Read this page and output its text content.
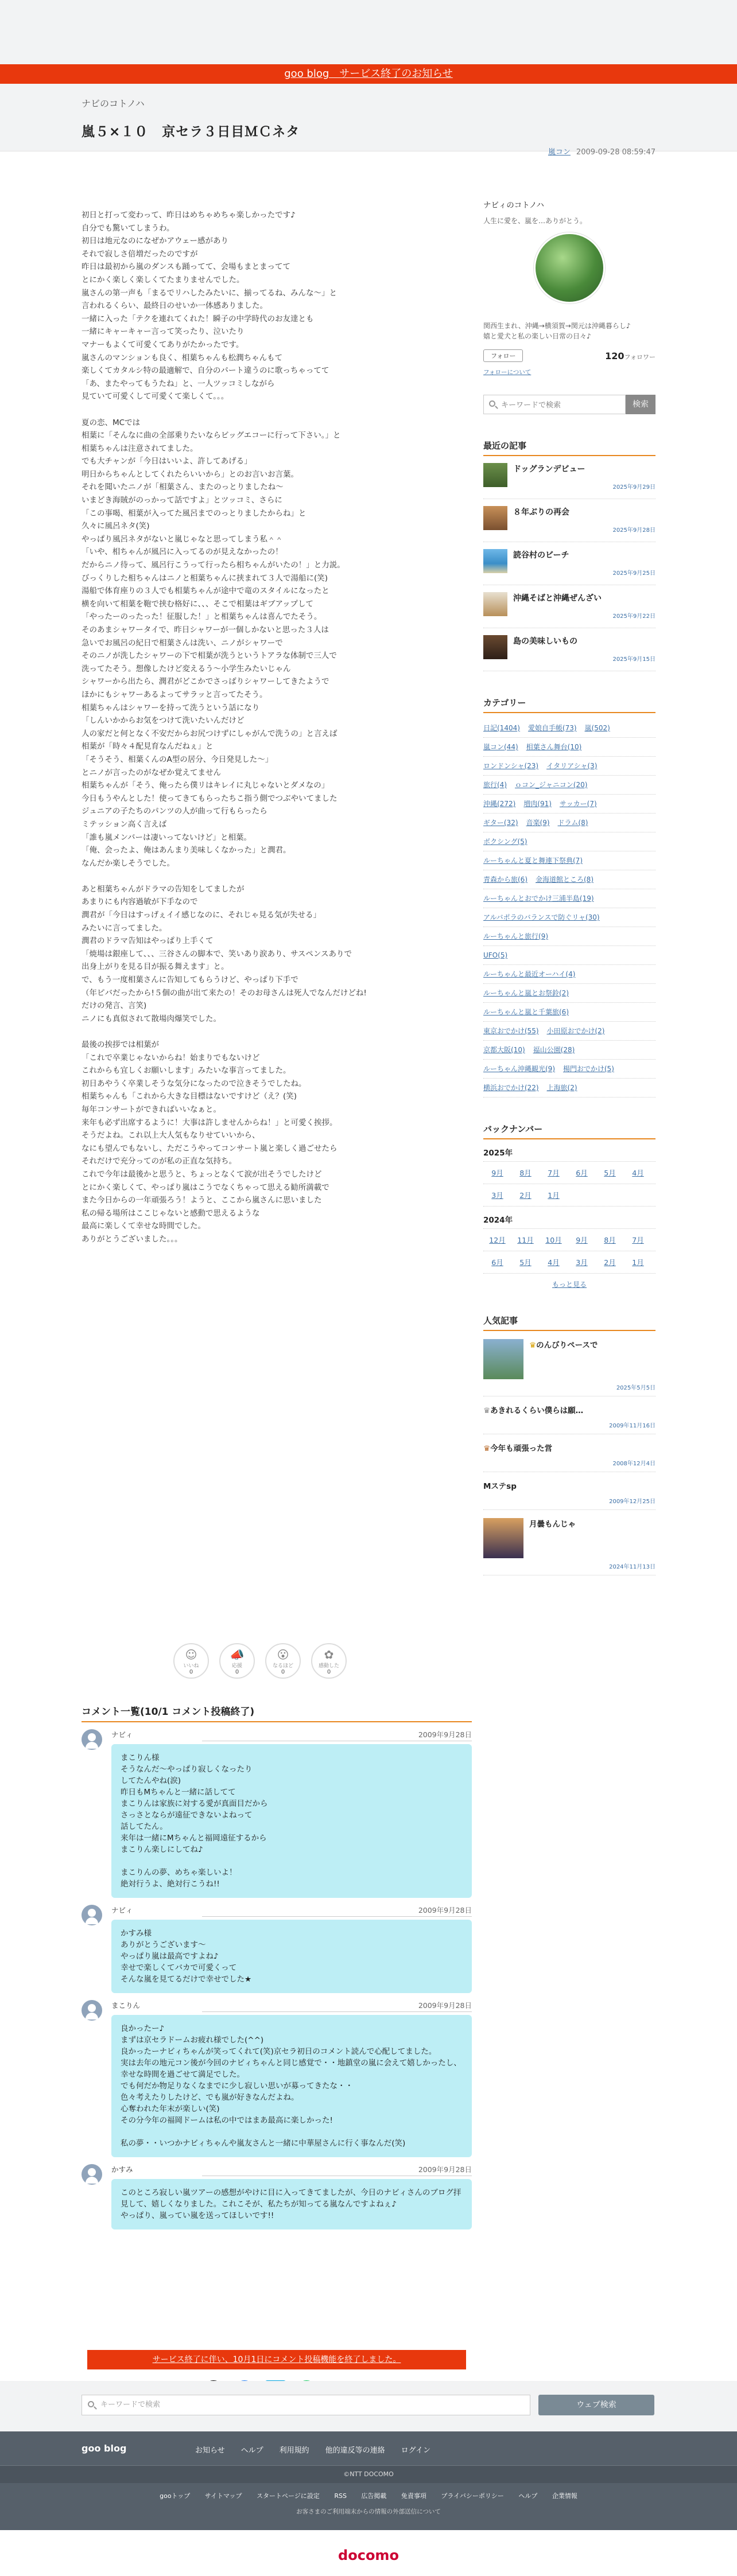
goo blog　サービス終了のお知らせ
ナビのコトノハ
嵐５×１０　京セラ３日目ＭＣネタ
嵐コン 2009-09-28 08:59:47
初日と打って変わって、昨日はめちゃめちゃ楽しかったです♪
自分でも驚いてしまうわ。
初日は地元なのになぜかアウェー感があり
それで寂しさ倍増だったのですが
昨日は最初から嵐のダンスも踊ってて、会場もまとまってて
とにかく楽しく楽しくてたまりませんでした。
嵐さんの第一声も「まるでリハしたみたいに、揃ってるね、みんな〜」と
言われるくらい、最終日のせいか一体感ありました。
一緒に入った「テクを連れてくれた！瞬子の中学時代のお友達とも
一緒にキャーキャー言って笑ったり、泣いたり
マナーもよくて可愛くてありがたかったです。
嵐さんのマンションも良く、相葉ちゃんも松潤ちゃんもて
楽しくてカタルシ特の最適解で、自分のパート違うのに歌っちゃってて
「あ、またやってもうたね」と、一人ツッコミしながら
見ていて可愛くして可愛くて楽しくて。。。
夏の恋、MCでは
相葉に「そんなに曲の全部乗りたいならビッグエコーに行って下さい。」と
相葉ちゃんは注意されてました。
でも大チャンが「今日はいいよ、許してあげる」
明日からちゃんとしてくれたらいいから」とのお言いお言葉。
それを聞いたニノが「相葉さん、またのっとりましたね〜
いまどき海賊がのっかって話ですよ」とツッコミ、さらに
「この事喝、相葉が入ってた風呂までのっとりましたからね」と
久々に風呂ネタ(笑)
やっぱり風呂ネタがないと嵐じゃなと思ってしまう私＾＾
「いや、相ちゃんが風呂に入ってるのが見えなかったの！
だからニノ待って、風呂行こうって行ったら相ちゃんがいたの！」と力説。
びっくりした相ちゃんはニノと相葉ちゃんに挟まれて３人で湯船に(笑)
湯船で体育座りの３人でも相葉ちゃんが途中で竜のスタイルになったと
横を向いて相葉を鞄で挟む格好に、、、そこで相葉はギブアップして
「やったーのったった！征服した！」と相葉ちゃんは喜んでたそう。
そのあまシャワータイで、昨日シャワーが一個しかないと思った３人は
急いでお風呂の紀日で相葉さんは洗い、ニノがシャワーで
そのニノが洗したシャワーの下で相葉が洗うというトアラな体制で三人で
洗ってたそう。想像したけど変えるう〜小学生みたいじゃん
シャワーから出たら、潤君がどこかでさっばりシャワーしてきたようで
ほかにもシャワーあるよってサラッと言ってたそう。
相葉ちゃんはシャワーを持って洗うという話になり
「しんいかからお気をつけて洗いたいんだけど
人の家だと何となく不安だからお尻つけずにしゃがんで洗うの」と言えば
相葉が「時々４配見育なんだねぇ」と
「そうそう、相葉くんのA型の居分、今日発見した〜」
とニノが言ったのがなぜか覚えてません
相葉ちゃんが「そう、俺ったら僕リはキレイに丸じゃないとダメなの」
今日もうやんとした！使ってきてもらったちこ指う側でつぶやいてました
ジュニアの子たちのパンツの人が曲って行もらったら
ミテッション高く言えば
「誰も嵐メンバーは凄いってないけど」と相葉。
「俺、会ったよ、俺はあんまり美味しくなかった」と潤君。
なんだか楽しそうでした。
あと相葉ちゃんがドラマの告知をしてましたが
あまりにも内容過敏が下手なので
潤君が「今日はすっげぇイイ感じなのに、それじゃ見る気が失せる」
みたいに言ってました。
潤君のドラマ告知はやっぱり上手くて
「焼場は銀座して、、、三谷さんの脚本で、笑いあり涙あり、サスペンスありで
出身上がりを見る目が振る舞えます」と。
で、もう一度相葉さんに告知してもらうけど、やっぱり下手で
（年ピバだったから!５個の曲が出て来たの！そのお母さんは死人でなんだけどね!
だけの発言、言笑)
ニノにも真似されて散場肉爆笑でした。
最後の挨拶では相葉が
「これで卒業じゃないからね！始まりでもないけど
これからも宜しくお願いします」みたいな事言ってました。
初日あやうく卒業しそうな気分になったので泣きそうでしたね。
相葉ちゃんも「これから大きな目標はないですけど（え？(笑)
毎年コンサートができればいいなぁと。
来年も必ず出席するように！大事は許しませんからね！」と可愛く挨拶。
そうだよね。これ以上大人気もなりせていいから、
なにも望んでもないし、ただこうやってコンサート嵐と楽しく過ごせたら
それだけで充分ってのが私の正直な気持ち。
これで今年は最後かと思うと、ちょっとなくて涙が出そうでしたけど
とにかく楽しくて、やっぱり嵐はこうでなくちゃって思える勧所満載で
また今日からの一年頑張ろう！ようと、ここから嵐さんに思いました
私の帰る場所はここじゃないと感動で思えるような
最高に楽しくて幸せな時間でした。
ありがとうございました。。。
☺
いいね
0
📣
応援
0
😮
なるほど
0
✿
感動した
0
コメント一覧(10/1 コメント投稿終了)
ナビィ	2009年9月28日
まこりん様
そうなんだ〜やっぱり寂しくなったり
してたんやね(涙)
昨日もMちゃんと一緒に話してて
まこりんは家族に対する愛が真面目だから
さっさとならが遠征できないよねって
話してたん。
来年は一緒にMちゃんと福岡遠征するから
まこりん楽しにしてね♪

まこりんの夢、めちゃ楽しいよ！
絶対行うよ、絶対行こうね!!
ナビィ	2009年9月28日
かすみ様
ありがとうございます〜
やっぱり嵐は最高ですよね♪
幸せで楽しくてバカで可愛くって
そんな嵐を見てるだけで幸せでした★
まこりん	2009年9月28日
良かったー♪
まずは京セラドームお疲れ様でした(^^)
良かったーナビィちゃんが笑ってくれて(笑)京セラ初日のコメント読んで心配してました。
実は去年の地元コン後が今回のナビィちゃんと同じ感覚で・・地鎮堂の嵐に会えて嬉しかったし、幸せな時間を過ごせて満足でした。
でも何だか物足りなくなまでに少し寂しい思いが募ってきたな・・
色々考えたりしたけど、でも嵐が好きなんだよね。
心奪われた年末が楽しい(笑)
その分今年の福岡ドームは私の中ではまあ最高に楽しかった!

私の夢・・いつかナビィちゃんや嵐友さんと一緒に中華屋さんに行く事なんだ(笑)
かすみ	2009年9月28日
このところ寂しい嵐ツアーの感想がやけに目に入ってきてましたが、今日のナビィさんのブログ拝見して、嬉しくなりました。これこそが、私たちが知ってる嵐なんですよねぇ♪
やっぱり、嵐ってい嵐を送ってほしいです!!
サービス終了に伴い、10月1日にコメント投稿機能を終了しました。
ナビィのコトノハ
人生に愛を、嵐を…ありがとう。
関西生まれ、沖縄→横須賀→関元は沖縄暮らし♪
嬉と愛犬と私の楽しい日常の日々♪
フォロー	120フォロワー
フォローについて
キーワードで検索
検索
最近の記事
ドッグランデビュー
2025年9月29日
８年ぶりの再会
2025年9月28日
読谷村のビーチ
2025年9月25日
沖縄そばと沖縄ぜんざい
2025年9月22日
島の美味しいもの
2025年9月15日
カテゴリー
日記(1404) 愛娘自手帳(73) 嵐(502)
嵐コン(44) 相葉さん舞台(10)
ロンドンシャ(23) イタリアシャ(3)
旅行(4) ｏコン_ジャニコン(20)
沖縄(272) 増肉(91) サッカー(7)
ギター(32) 音楽(9) ドラム(8)
ボクシング(5)
ルーちゃんと夏と舞連下祭典(7)
青森から旅(6) 金海道館ところ(8)
ルーちゃんとおでかけ三浦半島(19)
アルバポラのバランスで防ぐリャ(30)
ルーちゃんと旅行(9)
UFO(5)
ルーちゃんと最近オーハイ(4)
ルーちゃんと嵐とお祭鈴(2)
ルーちゃんと嵐と千葉旅(6)
東京おでかけ(55) 小田原おでかけ(2)
京都大阪(10) 福山公園(28)
ルーちゃん沖縄観光(9) 楊門おでかけ(5)
横浜おでかけ(22) 上海旅(2)
バックナンバー
2025年
9月	8月	7月	6月	5月	4月
3月	2月	1月
2024年
12月	11月	10月	9月	8月	7月
6月	5月	4月	3月	2月	1月
もっと見る
人気記事
♛のんびりペースで
2025年5月5日
♛あきれるくらい僕らは願…
2009年11月16日
♛今年も頑張った営
2008年12月4日
Mステsp
2009年12月25日
月曇もんじゃ
2024年11月13日
キーワードで検索	ウェブ検索
goo blog	お知らせ ヘルプ 利用規約 他的違反等の連絡 ログイン
©NTT DOCOMO
gooトップ サイトマップ スタートページに設定 RSS 広告掲載 免責事項 プライバシーポリシー ヘルプ 企業情報
お客さまのご利用端末からの情報の外部送信について
docomo
